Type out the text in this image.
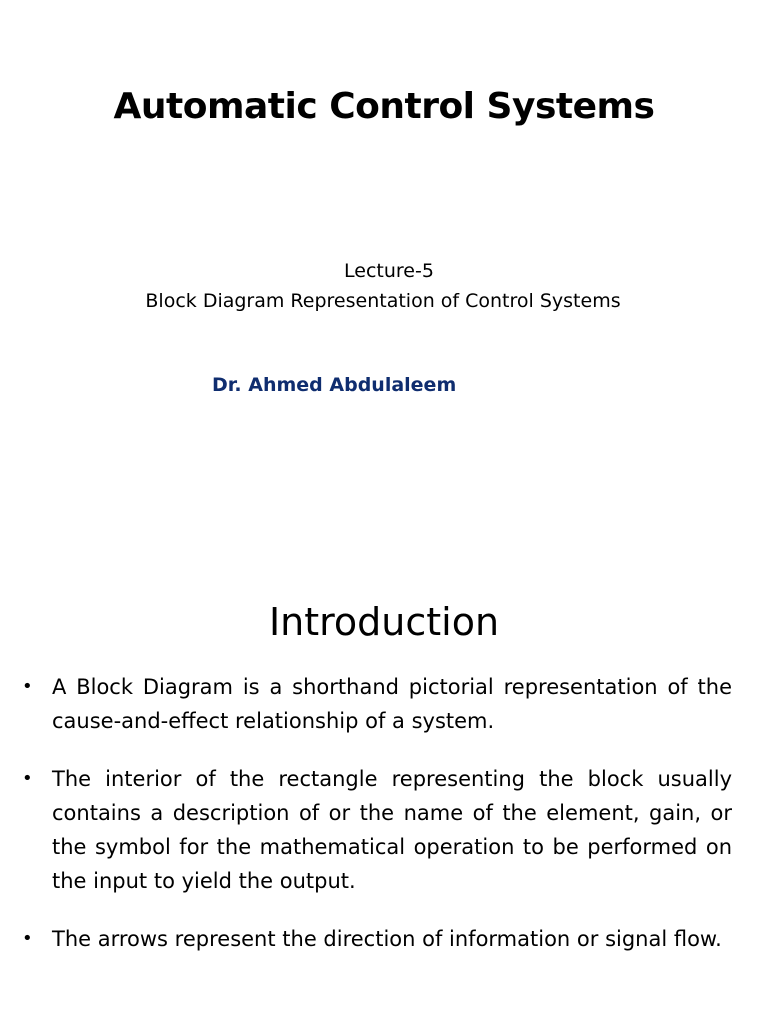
Automatic Control Systems
Lecture-5
Block Diagram Representation of Control Systems
Dr. Ahmed Abdulaleem
Introduction
• A Block Diagram is a shorthand pictorial representation of the cause-and-effect relationship of a system.
• The interior of the rectangle representing the block usually contains a description of or the name of the element, gain, or the symbol for the mathematical operation to be performed on the input to yield the output.
• The arrows represent the direction of information or signal flow.
